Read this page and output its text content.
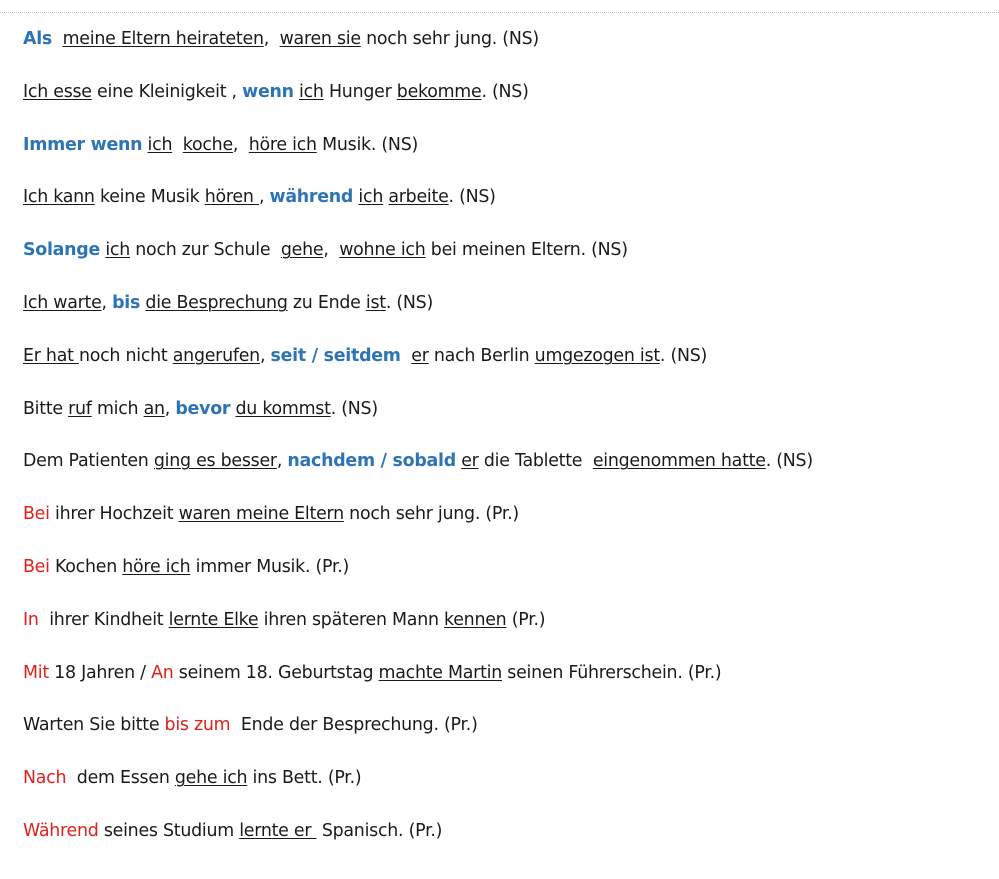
Als meine Eltern heirateten,  waren sie noch sehr jung. (NS)
Ich esse eine Kleinigkeit , wenn ich Hunger bekomme. (NS)
Immer wenn ich koche,  höre ich Musik. (NS)
Ich kann keine Musik hören , während ich arbeite. (NS)
Solange ich noch zur Schule  gehe,  wohne ich bei meinen Eltern. (NS)
Ich warte, bis die Besprechung zu Ende ist. (NS)
Er hat noch nicht angerufen, seit / seitdem er nach Berlin umgezogen ist. (NS)
Bitte ruf mich an, bevor du kommst. (NS)
Dem Patienten ging es besser, nachdem / sobald er die Tablette  eingenommen hatte. (NS)
Bei ihrer Hochzeit waren meine Eltern noch sehr jung. (Pr.)
Bei Kochen höre ich immer Musik. (Pr.)
In  ihrer Kindheit lernte Elke ihren späteren Mann kennen (Pr.)
Mit 18 Jahren / An seinem 18. Geburtstag machte Martin seinen Führerschein. (Pr.)
Warten Sie bitte bis zum  Ende der Besprechung. (Pr.)
Nach  dem Essen gehe ich ins Bett. (Pr.)
Während seines Studium lernte er  Spanisch. (Pr.)
